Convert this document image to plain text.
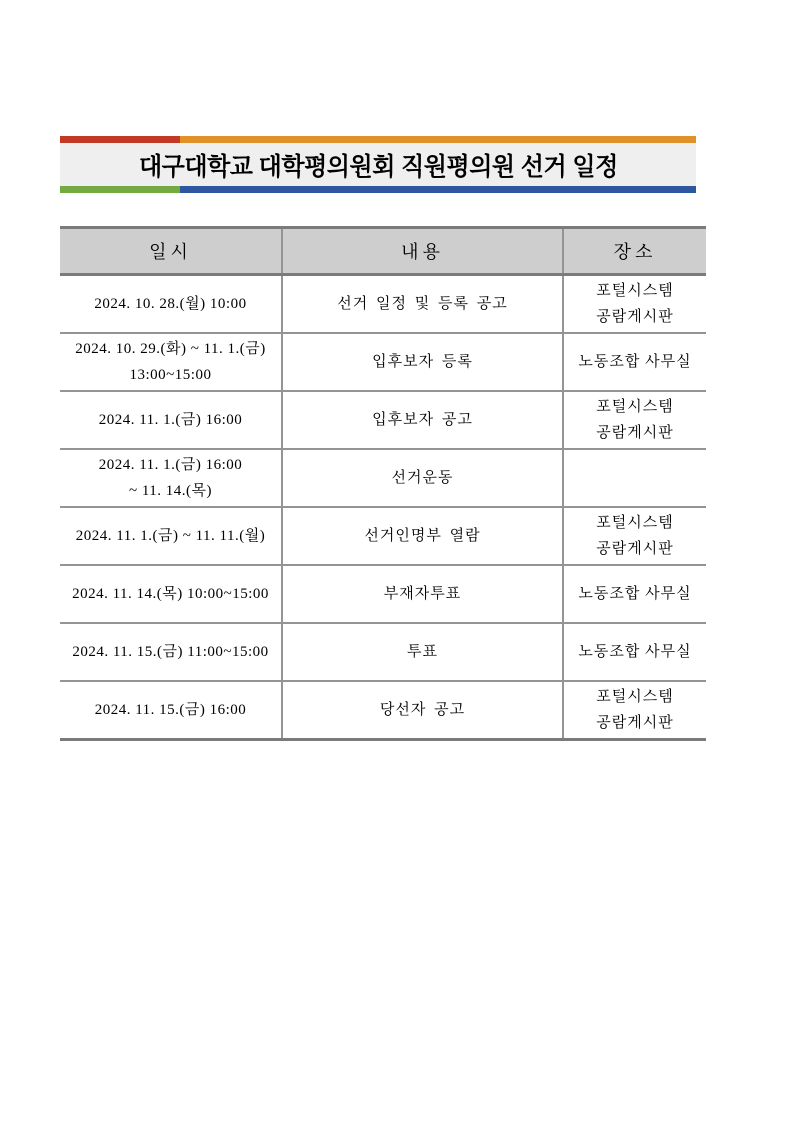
대구대학교 대학평의원회 직원평의원 선거 일정
일시	내용	장소

2024. 10. 28.(월) 10:00	선거 일정 및 등록 공고	포털시스템
공람게시판

2024. 10. 29.(화) ~ 11. 1.(금)
13:00~15:00	입후보자 등록	노동조합 사무실

2024. 11. 1.(금) 16:00	입후보자 공고	포털시스템
공람게시판

2024. 11. 1.(금) 16:00
~ 11. 14.(목)	선거운동	

2024. 11. 1.(금) ~ 11. 11.(월)	선거인명부 열람	포털시스템
공람게시판

2024. 11. 14.(목) 10:00~15:00	부재자투표	노동조합 사무실

2024. 11. 15.(금) 11:00~15:00	투표	노동조합 사무실

2024. 11. 15.(금) 16:00	당선자 공고	포털시스템
공람게시판
